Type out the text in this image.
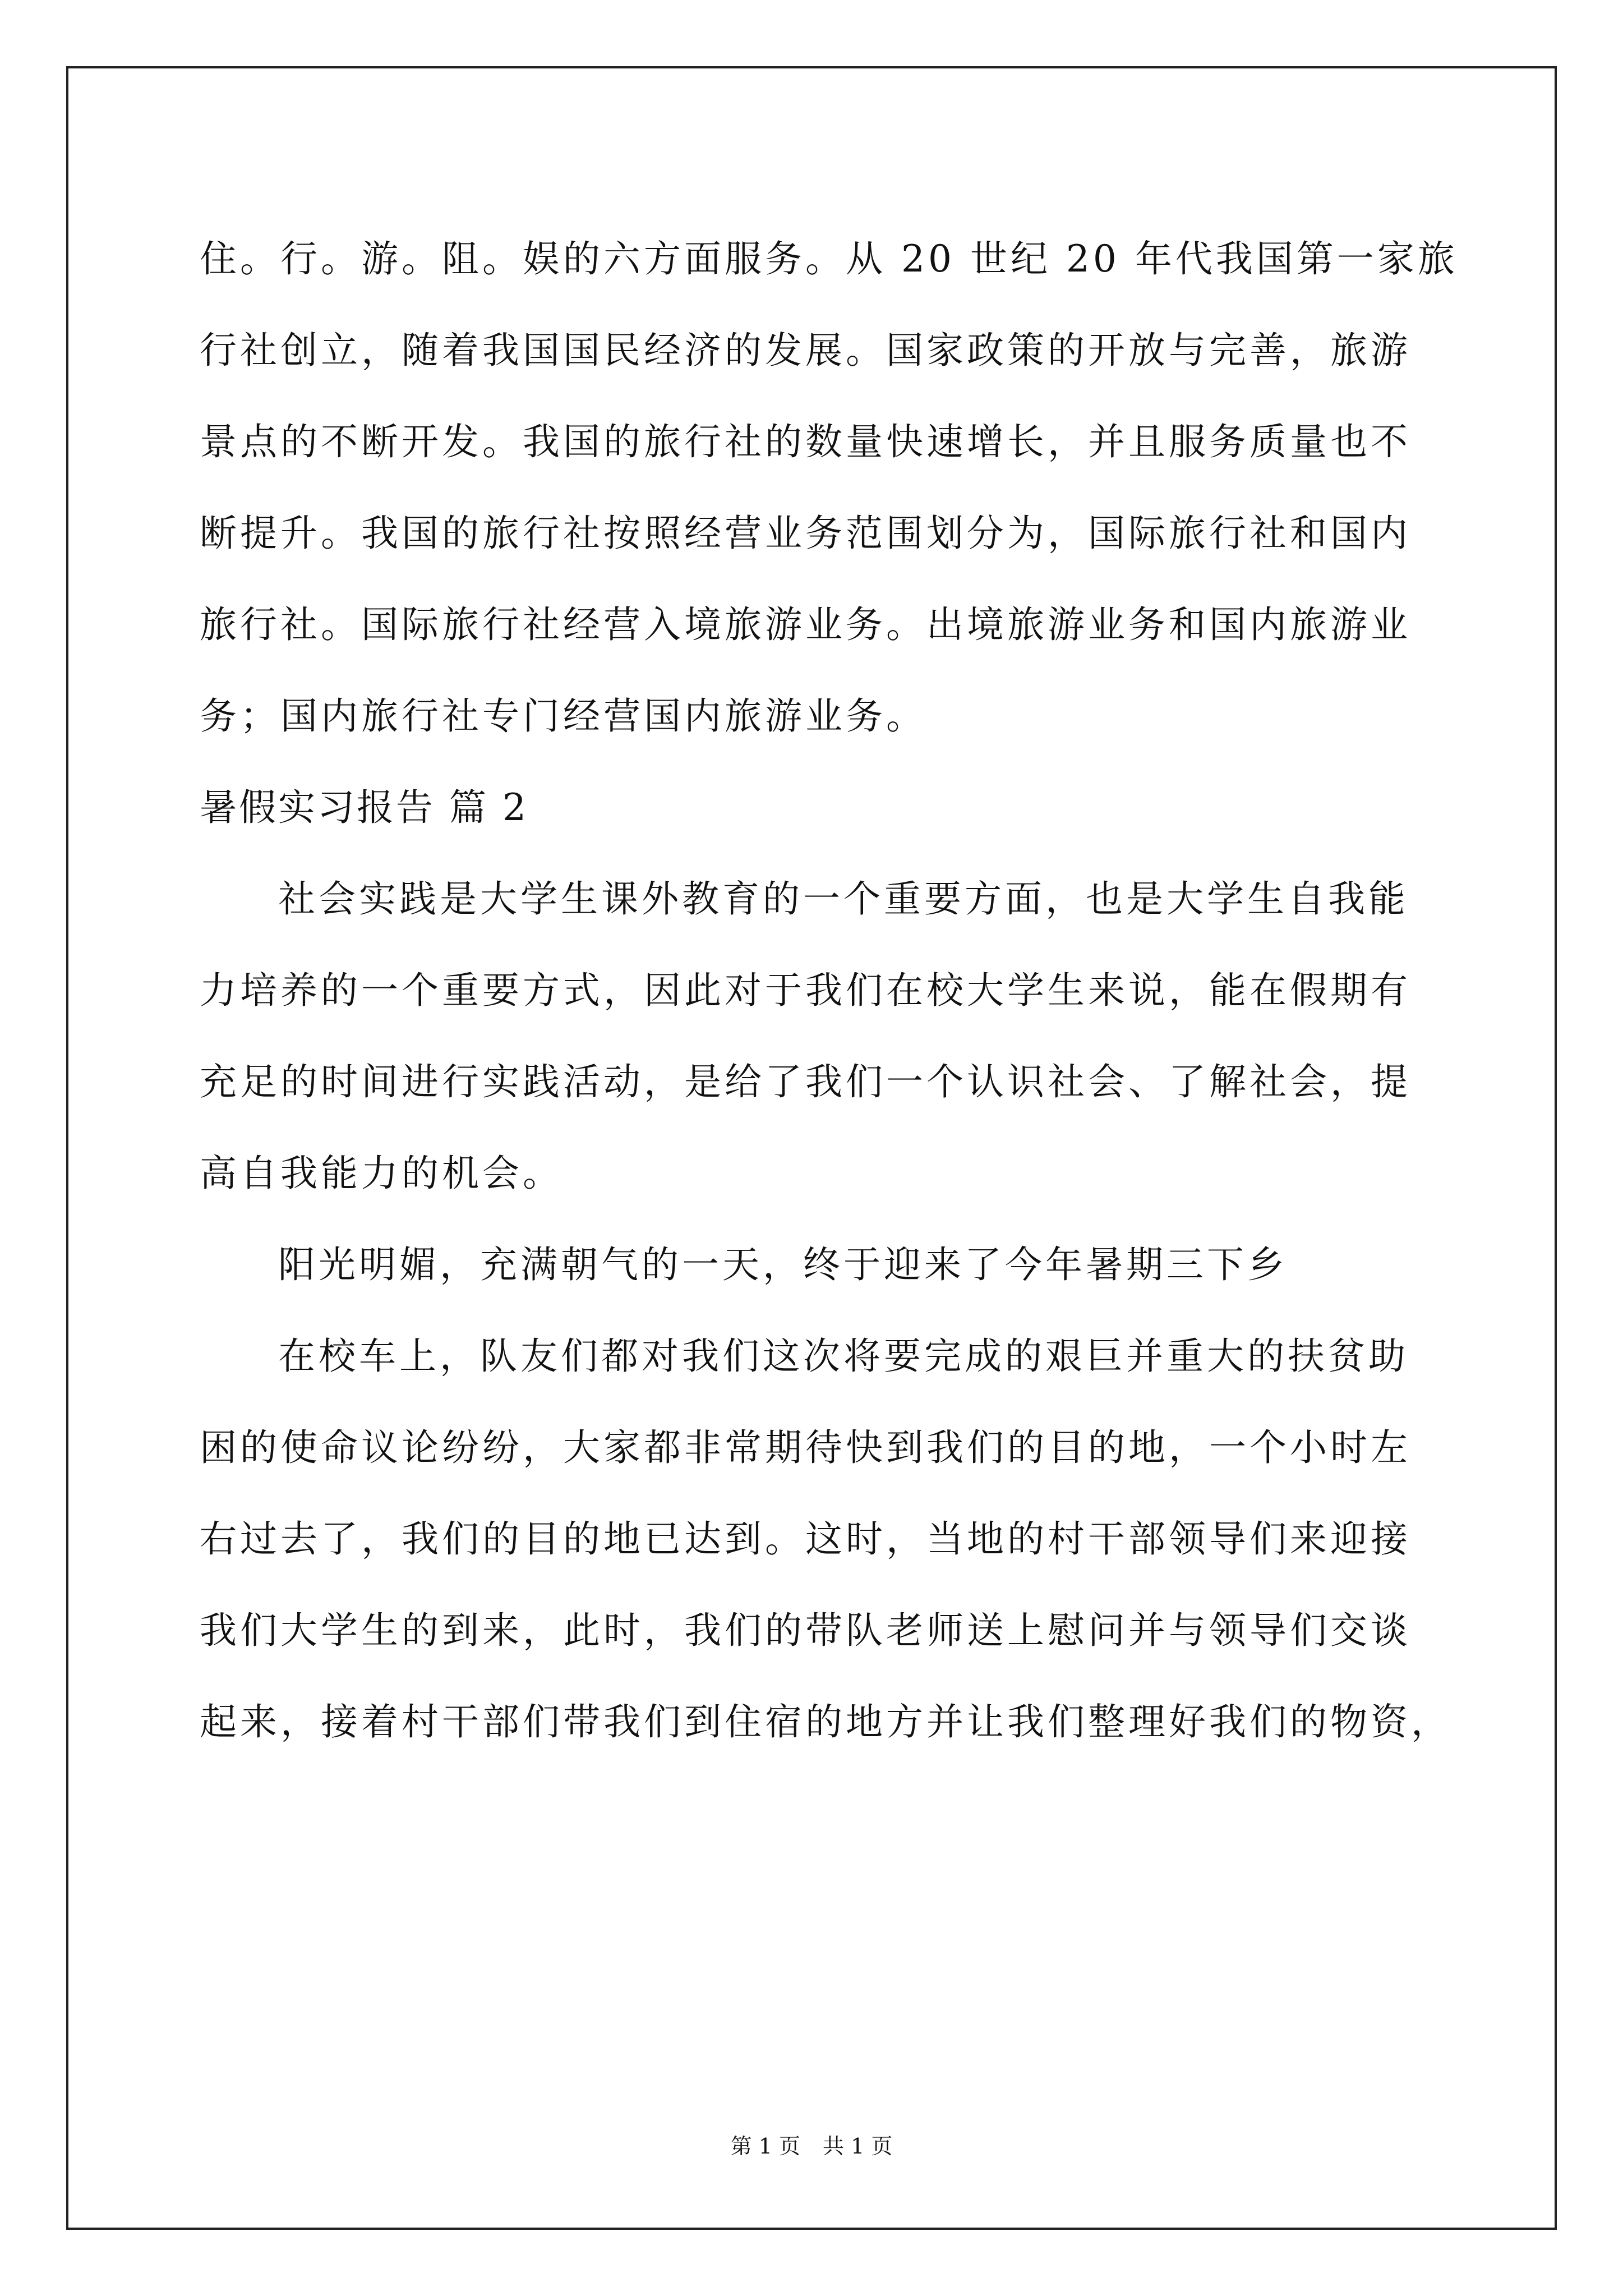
住。行。游。阻。娱的六方面服务。从 20 世纪 20 年代我国第一家旅
行社创立，随着我国国民经济的发展。国家政策的开放与完善，旅游
景点的不断开发。我国的旅行社的数量快速增长，并且服务质量也不
断提升。我国的旅行社按照经营业务范围划分为，国际旅行社和国内
旅行社。国际旅行社经营入境旅游业务。出境旅游业务和国内旅游业
务；国内旅行社专门经营国内旅游业务。
暑假实习报告 篇 2
社会实践是大学生课外教育的一个重要方面，也是大学生自我能
力培养的一个重要方式，因此对于我们在校大学生来说，能在假期有
充足的时间进行实践活动，是给了我们一个认识社会、了解社会，提
高自我能力的机会。
阳光明媚，充满朝气的一天，终于迎来了今年暑期三下乡
在校车上，队友们都对我们这次将要完成的艰巨并重大的扶贫助
困的使命议论纷纷，大家都非常期待快到我们的目的地，一个小时左
右过去了，我们的目的地已达到。这时，当地的村干部领导们来迎接
我们大学生的到来，此时，我们的带队老师送上慰问并与领导们交谈
起来，接着村干部们带我们到住宿的地方并让我们整理好我们的物资，
第 1 页 共 1 页
